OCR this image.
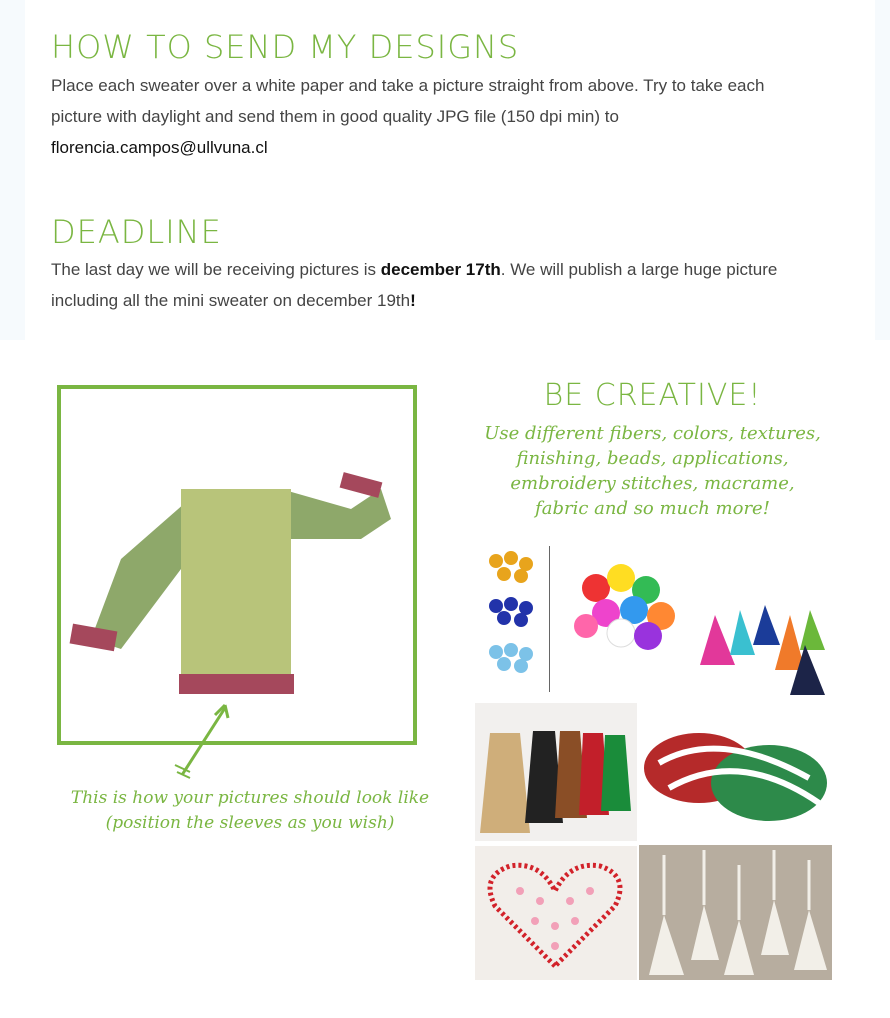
HOW TO SEND MY DESIGNS
Place each sweater over a white paper and take a picture straight from above. Try to take each
picture with daylight and send them in good quality JPG file (150 dpi min) to
florencia.campos@ullvuna.cl
DEADLINE
The last day we will be receiving pictures is december 17th. We will publish a large huge picture
including all the mini sweater on december 19th!
This is how your pictures should look like
(position the sleeves as you wish)
BE CREATIVE!
Use different fibers, colors, textures,
finishing, beads, applications,
embroidery stitches, macrame,
fabric and so much more!
